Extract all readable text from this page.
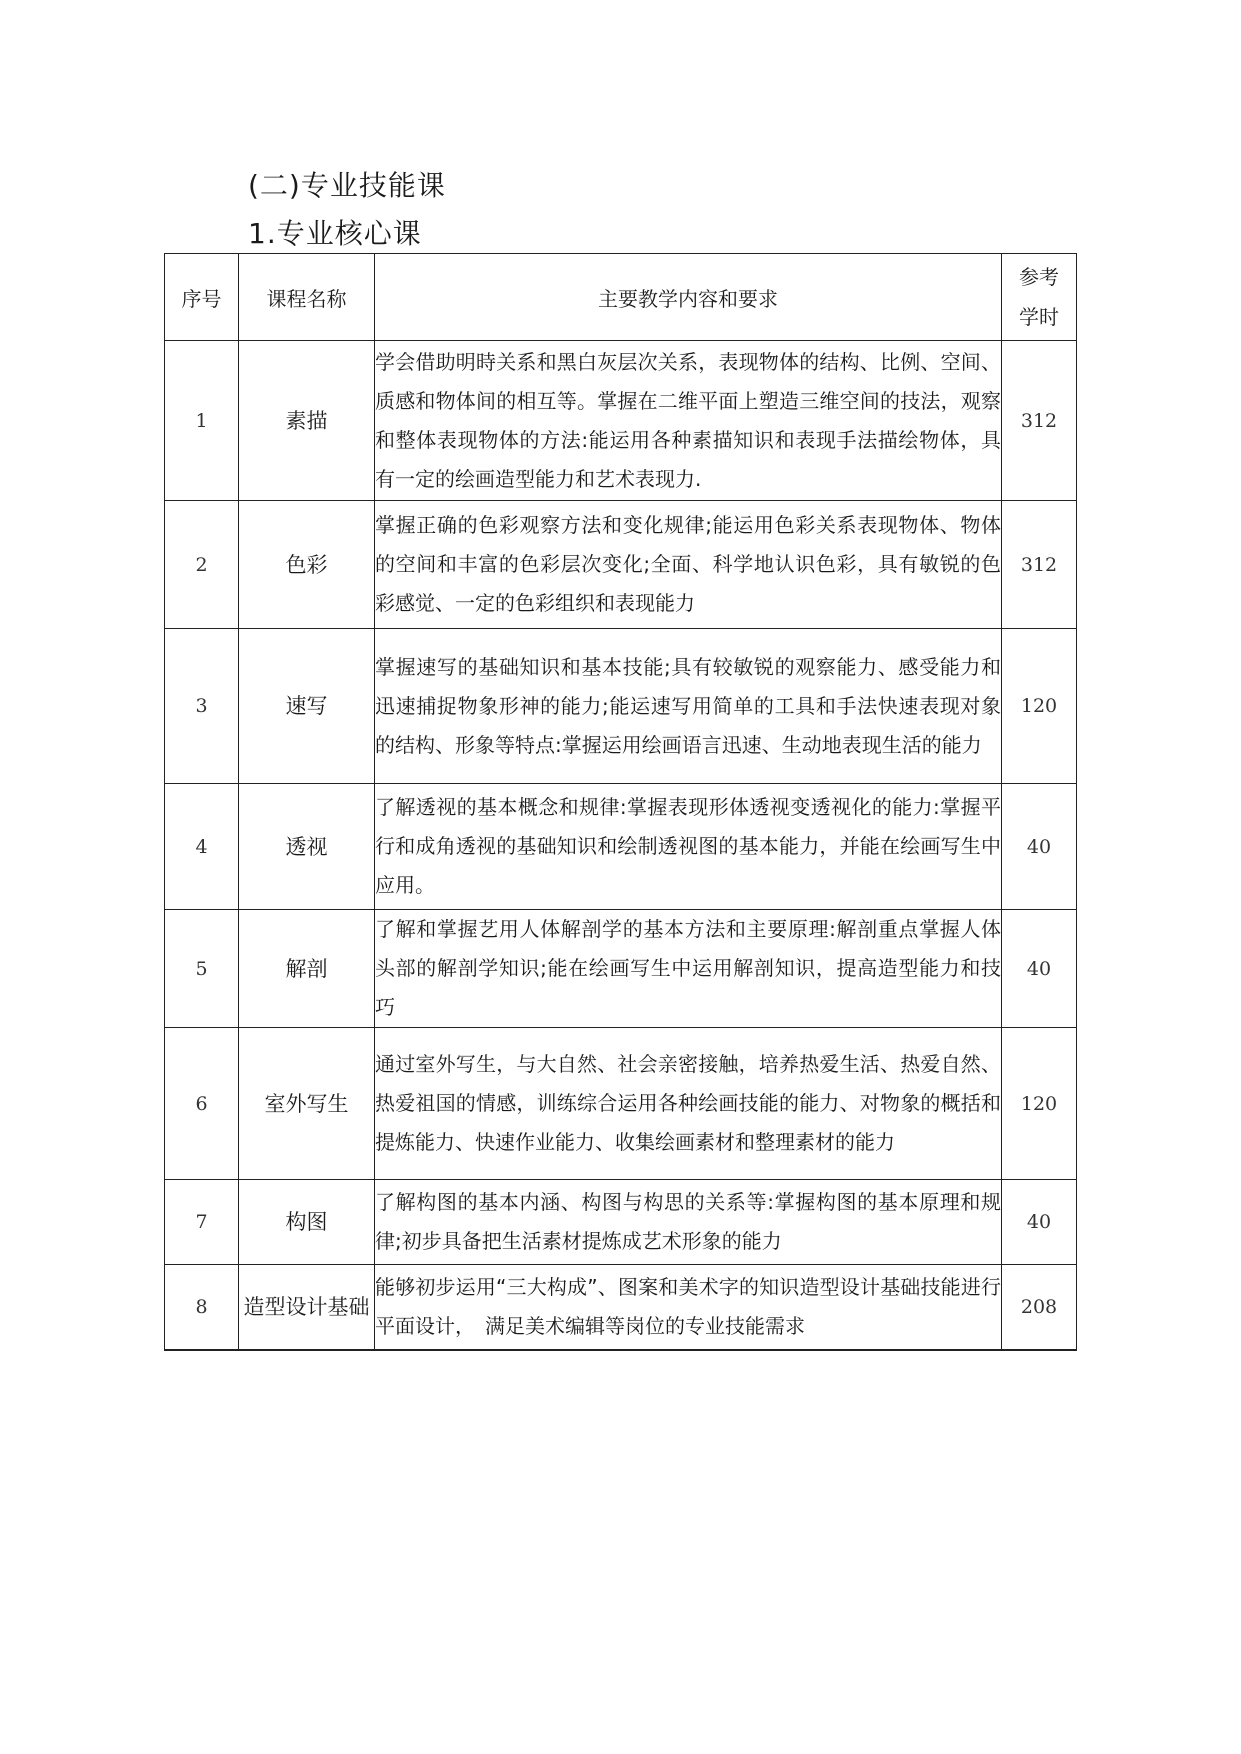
(二)专业技能课
1.专业核心课
序号	课程名称	主要教学内容和要求	参考
学时

1	素描	学会借助明時关系和黑白灰层次关系，表现物体的结构、比例、空间、质感和物体间的相互等。掌握在二维平面上塑造三维空间的技法，观察和整体表现物体的方法:能运用各种素描知识和表现手法描绘物体，具有一定的绘画造型能力和艺术表现力.	312
2	色彩	掌握正确的色彩观察方法和变化规律;能运用色彩关系表现物体、物体的空间和丰富的色彩层次变化;全面、科学地认识色彩，具有敏锐的色彩感觉、一定的色彩组织和表现能力	312
3	速写	掌握速写的基础知识和基本技能;具有较敏锐的观察能力、感受能力和迅速捕捉物象形神的能力;能运速写用简单的工具和手法快速表现对象的结构、形象等特点:掌握运用绘画语言迅速、生动地表现生活的能力	120
4	透视	了解透视的基本概念和规律:掌握表现形体透视变透视化的能力:掌握平行和成角透视的基础知识和绘制透视图的基本能力，并能在绘画写生中应用。	40
5	解剖	了解和掌握艺用人体解剖学的基本方法和主要原理:解剖重点掌握人体头部的解剖学知识;能在绘画写生中运用解剖知识，提高造型能力和技巧	40
6	室外写生	通过室外写生，与大自然、社会亲密接触，培养热爱生活、热爱自然、热爱祖国的情感，训练综合运用各种绘画技能的能力、对物象的概括和提炼能力、快速作业能力、收集绘画素材和整理素材的能力	120
7	构图	了解构图的基本内涵、构图与构思的关系等:掌握构图的基本原理和规律;初步具备把生活素材提炼成艺术形象的能力	40
8	造型设计基础	能够初步运用“三大构成”、图案和美术字的知识造型设计基础技能进行平面设计，　满足美术编辑等岗位的专业技能需求	208
